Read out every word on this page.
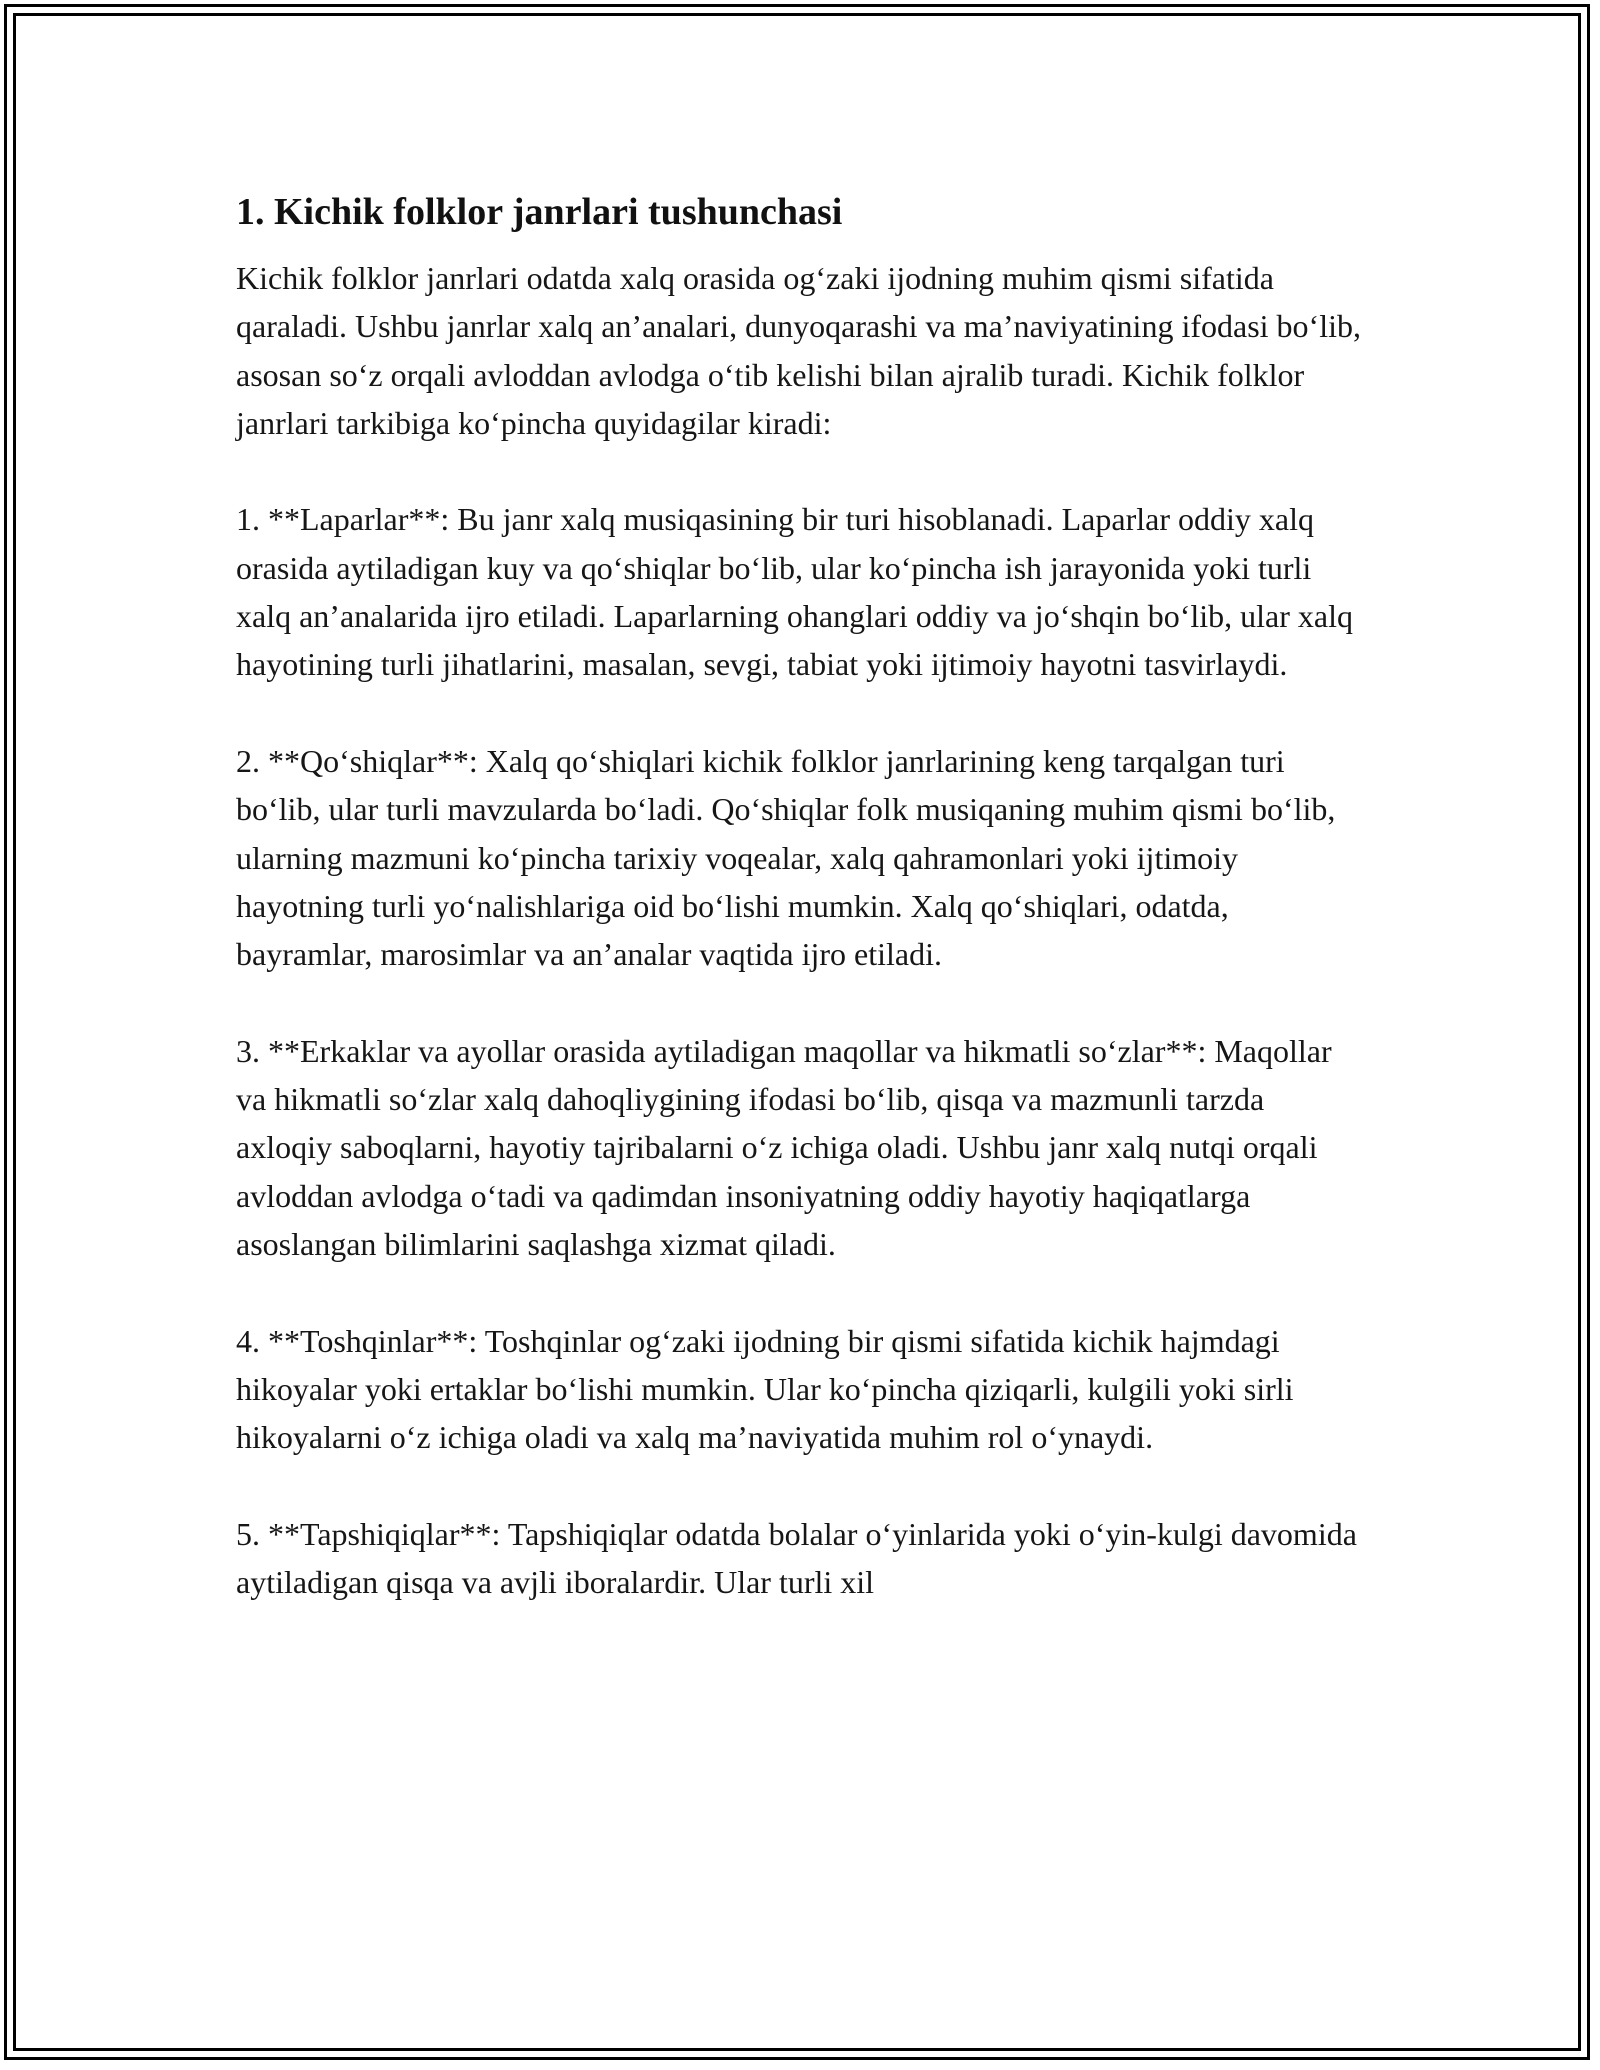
1. Kichik folklor janrlari tushunchasi

Kichik folklor janrlari odatda xalq orasida og‘zaki ijodning muhim qismi sifatida qaraladi. Ushbu janrlar xalq an’analari, dunyoqarashi va ma’naviyatining ifodasi bo‘lib, asosan so‘z orqali avloddan avlodga o‘tib kelishi bilan ajralib turadi. Kichik folklor janrlari tarkibiga ko‘pincha quyidagilar kiradi:

1. **Laparlar**: Bu janr xalq musiqasining bir turi hisoblanadi. Laparlar oddiy xalq orasida aytiladigan kuy va qo‘shiqlar bo‘lib, ular ko‘pincha ish jarayonida yoki turli xalq an’analarida ijro etiladi. Laparlarning ohanglari oddiy va jo‘shqin bo‘lib, ular xalq hayotining turli jihatlarini, masalan, sevgi, tabiat yoki ijtimoiy hayotni tasvirlaydi.

2. **Qo‘shiqlar**: Xalq qo‘shiqlari kichik folklor janrlarining keng tarqalgan turi bo‘lib, ular turli mavzularda bo‘ladi. Qo‘shiqlar folk musiqaning muhim qismi bo‘lib, ularning mazmuni ko‘pincha tarixiy voqealar, xalq qahramonlari yoki ijtimoiy hayotning turli yo‘nalishlariga oid bo‘lishi mumkin. Xalq qo‘shiqlari, odatda, bayramlar, marosimlar va an’analar vaqtida ijro etiladi.

3. **Erkaklar va ayollar orasida aytiladigan maqollar va hikmatli so‘zlar**: Maqollar va hikmatli so‘zlar xalq dahoqliygining ifodasi bo‘lib, qisqa va mazmunli tarzda axloqiy saboqlarni, hayotiy tajribalarni o‘z ichiga oladi. Ushbu janr xalq nutqi orqali avloddan avlodga o‘tadi va qadimdan insoniyatning oddiy hayotiy haqiqatlarga asoslangan bilimlarini saqlashga xizmat qiladi.

4. **Toshqinlar**: Toshqinlar og‘zaki ijodning bir qismi sifatida kichik hajmdagi hikoyalar yoki ertaklar bo‘lishi mumkin. Ular ko‘pincha qiziqarli, kulgili yoki sirli hikoyalarni o‘z ichiga oladi va xalq ma’naviyatida muhim rol o‘ynaydi.

5. **Tapshiqiqlar**: Tapshiqiqlar odatda bolalar o‘yinlarida yoki o‘yin-kulgi davomida aytiladigan qisqa va avjli iboralardir. Ular turli xil
